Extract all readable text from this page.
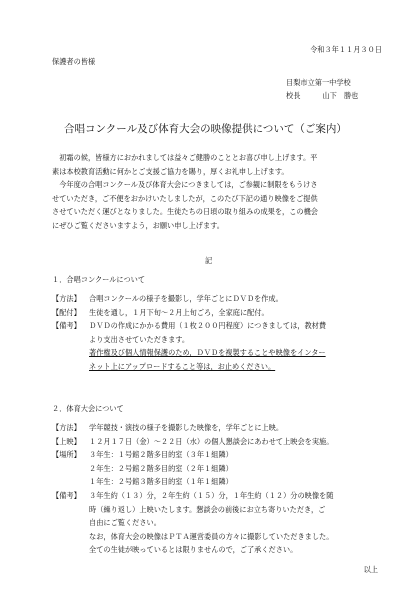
令和３年１１月３０日
保護者の皆様
目梨市立第一中学校
校長	山下　勝也
合唱コンクール及び体育大会の映像提供について（ご案内）
　初霜の候，皆様方におかれましては益々ご健勝のこととお喜び申し上げます。平
素は本校教育活動に何かとご支援ご協力を賜り，厚くお礼申し上げます。
　今年度の合唱コンクール及び体育大会につきましては，ご参観に制限をもうけさ
せていただき，ご不便をおかけいたしましたが，このたび下記の通り映像をご提供
させていただく運びとなりました。生徒たちの日頃の取り組みの成果を，この機会
にぜひご覧くださいますよう，お願い申し上げます。
記
１．合唱コンクールについて
【方法】 合唱コンクールの様子を撮影し，学年ごとにＤＶＤを作成。
【配付】 生徒を通し，１月下旬～２月上旬ごろ，全家庭に配付。
【備考】 ＤＶＤの作成にかかる費用（１枚２００円程度）につきましては，教材費
より支出させていただきます。
著作権及び個人情報保護のため，ＤＶＤを複製することや映像をインター
ネット上にアップロードすること等は，お止めください。
２．体育大会について
【方法】 学年競技・演技の様子を撮影した映像を，学年ごとに上映。
【上映】 １２月１７日（金）～２２日（水）の個人懇談会にあわせて上映会を実施。
【場所】 ３年生：１号館２階多目的室（３年１組隣）
２年生：２号館２階多目的室（２年１組隣）
１年生：２号館３階多目的室（１年１組隣）
【備考】 ３年生約（１３）分，２年生約（１５）分，１年生約（１２）分の映像を随
時（繰り返し）上映いたします。懇談会の前後にお立ち寄りいただき，ご
自由にご覧ください。
なお，体育大会の映像はＰＴＡ運営委員の方々に撮影していただきました。
全ての生徒が映っているとは限りませんので，ご了承ください。
以上
